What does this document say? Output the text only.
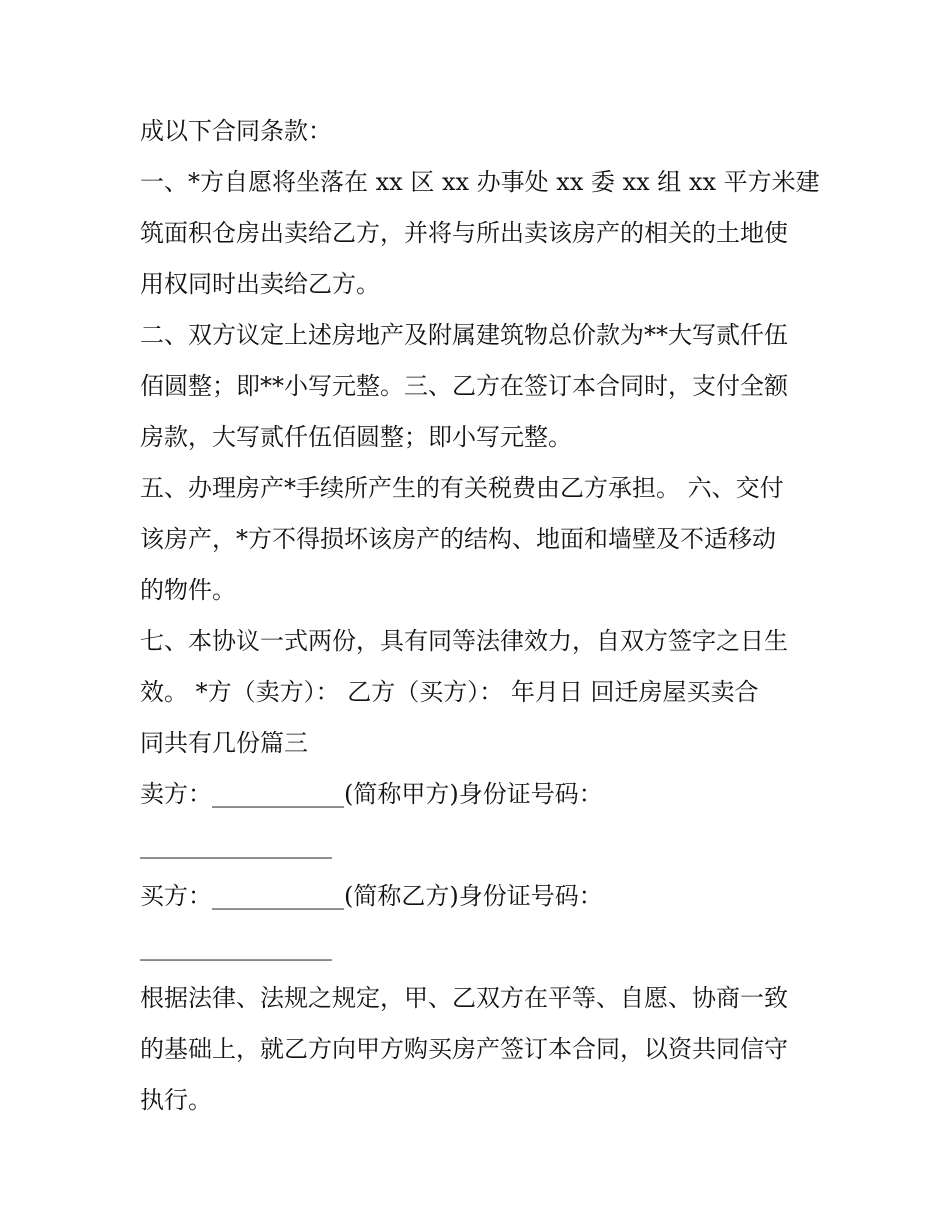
成以下合同条款：
一、*方自愿将坐落在 xx 区 xx 办事处 xx 委 xx 组 xx 平方米建
筑面积仓房出卖给乙方，并将与所出卖该房产的相关的土地使
用权同时出卖给乙方。
二、双方议定上述房地产及附属建筑物总价款为**大写贰仟伍
佰圆整；即**小写元整。三、乙方在签订本合同时，支付全额
房款，大写贰仟伍佰圆整；即小写元整。
五、办理房产*手续所产生的有关税费由乙方承担。 六、交付
该房产，*方不得损坏该房产的结构、地面和墙壁及不适移动
的物件。
七、本协议一式两份，具有同等法律效力，自双方签字之日生
效。 *方（卖方）： 乙方（买方）： 年月日 回迁房屋买卖合
同共有几份篇三
卖方：___________(简称甲方)身份证号码：
________________
买方：___________(简称乙方)身份证号码：
________________
根据法律、法规之规定，甲、乙双方在平等、自愿、协商一致
的基础上，就乙方向甲方购买房产签订本合同，以资共同信守
执行。
